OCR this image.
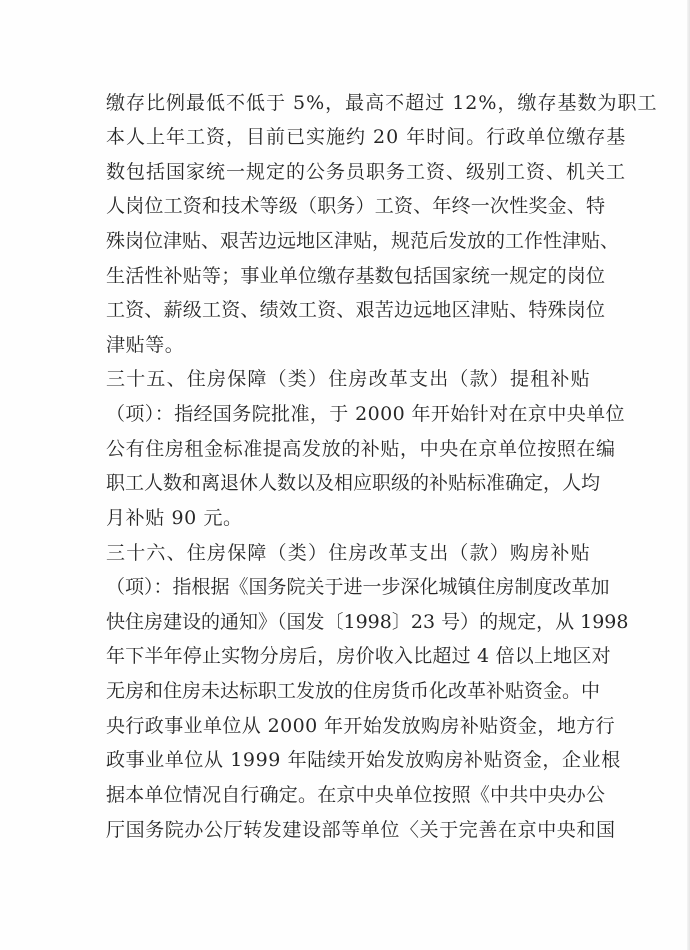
缴存比例最低不低于 5%，最高不超过 12%，缴存基数为职工
本人上年工资，目前已实施约 20 年时间。行政单位缴存基
数包括国家统一规定的公务员职务工资、级别工资、机关工
人岗位工资和技术等级（职务）工资、年终一次性奖金、特
殊岗位津贴、艰苦边远地区津贴，规范后发放的工作性津贴、
生活性补贴等；事业单位缴存基数包括国家统一规定的岗位
工资、薪级工资、绩效工资、艰苦边远地区津贴、特殊岗位
津贴等。
三十五、住房保障（类）住房改革支出（款）提租补贴
（项）：指经国务院批准，于 2000 年开始针对在京中央单位
公有住房租金标准提高发放的补贴，中央在京单位按照在编
职工人数和离退休人数以及相应职级的补贴标准确定，人均
月补贴 90 元。
三十六、住房保障（类）住房改革支出（款）购房补贴
（项）：指根据《国务院关于进一步深化城镇住房制度改革加
快住房建设的通知》（国发〔1998〕23 号）的规定，从 1998
年下半年停止实物分房后，房价收入比超过 4 倍以上地区对
无房和住房未达标职工发放的住房货币化改革补贴资金。中
央行政事业单位从 2000 年开始发放购房补贴资金，地方行
政事业单位从 1999 年陆续开始发放购房补贴资金，企业根
据本单位情况自行确定。在京中央单位按照《中共中央办公
厅国务院办公厅转发建设部等单位〈关于完善在京中央和国
